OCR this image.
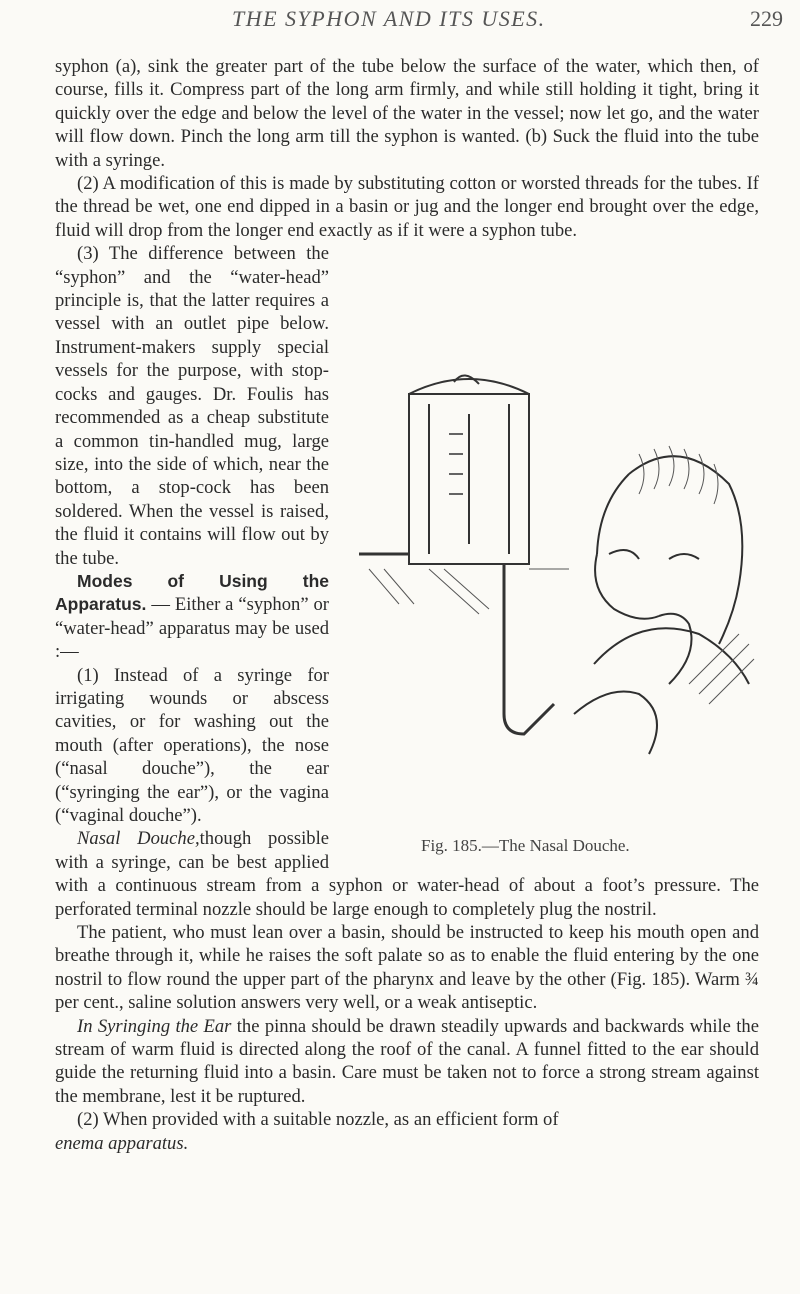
THE SYPHON AND ITS USES.	229

syphon (a), sink the greater part of the tube below the surface of the water, which then, of course, fills it. Compress part of the long arm firmly, and while still holding it tight, bring it quickly over the edge and below the level of the water in the vessel; now let go, and the water will flow down. Pinch the long arm till the syphon is wanted. (b) Suck the fluid into the tube with a syringe.

(2) A modification of this is made by substituting cotton or worsted threads for the tubes. If the thread be wet, one end dipped in a basin or jug and the longer end brought over the edge, fluid will drop from the longer end exactly as if it were a syphon tube.

Fig. 185.—The Nasal Douche.

(3) The difference between the “syphon” and the “water-head” principle is, that the latter requires a vessel with an outlet pipe below. Instrument-makers supply special vessels for the purpose, with stop-cocks and gauges. Dr. Foulis has recommended as a cheap substitute a common tin-handled mug, large size, into the side of which, near the bottom, a stop-cock has been soldered. When the vessel is raised, the fluid it contains will flow out by the tube.

Modes of Using the Apparatus. — Either a “syphon” or “water-head” apparatus may be used :—

(1) Instead of a syringe for irrigating wounds or abscess cavities, or for washing out the mouth (after operations), the nose (“nasal douche”), the ear (“syringing the ear”), or the vagina (“vaginal douche”).

Nasal Douche,though possible with a syringe, can be best applied with a continuous stream from a syphon or water-head of about a foot’s pressure. The perforated terminal nozzle should be large enough to completely plug the nostril.

The patient, who must lean over a basin, should be instructed to keep his mouth open and breathe through it, while he raises the soft palate so as to enable the fluid entering by the one nostril to flow round the upper part of the pharynx and leave by the other (Fig. 185). Warm ¾ per cent., saline solution answers very well, or a weak antiseptic.

In Syringing the Ear the pinna should be drawn steadily upwards and backwards while the stream of warm fluid is directed along the roof of the canal. A funnel fitted to the ear should guide the returning fluid into a basin. Care must be taken not to force a strong stream against the membrane, lest it be ruptured.

(2) When provided with a suitable nozzle, as an efficient form of
enema apparatus.
